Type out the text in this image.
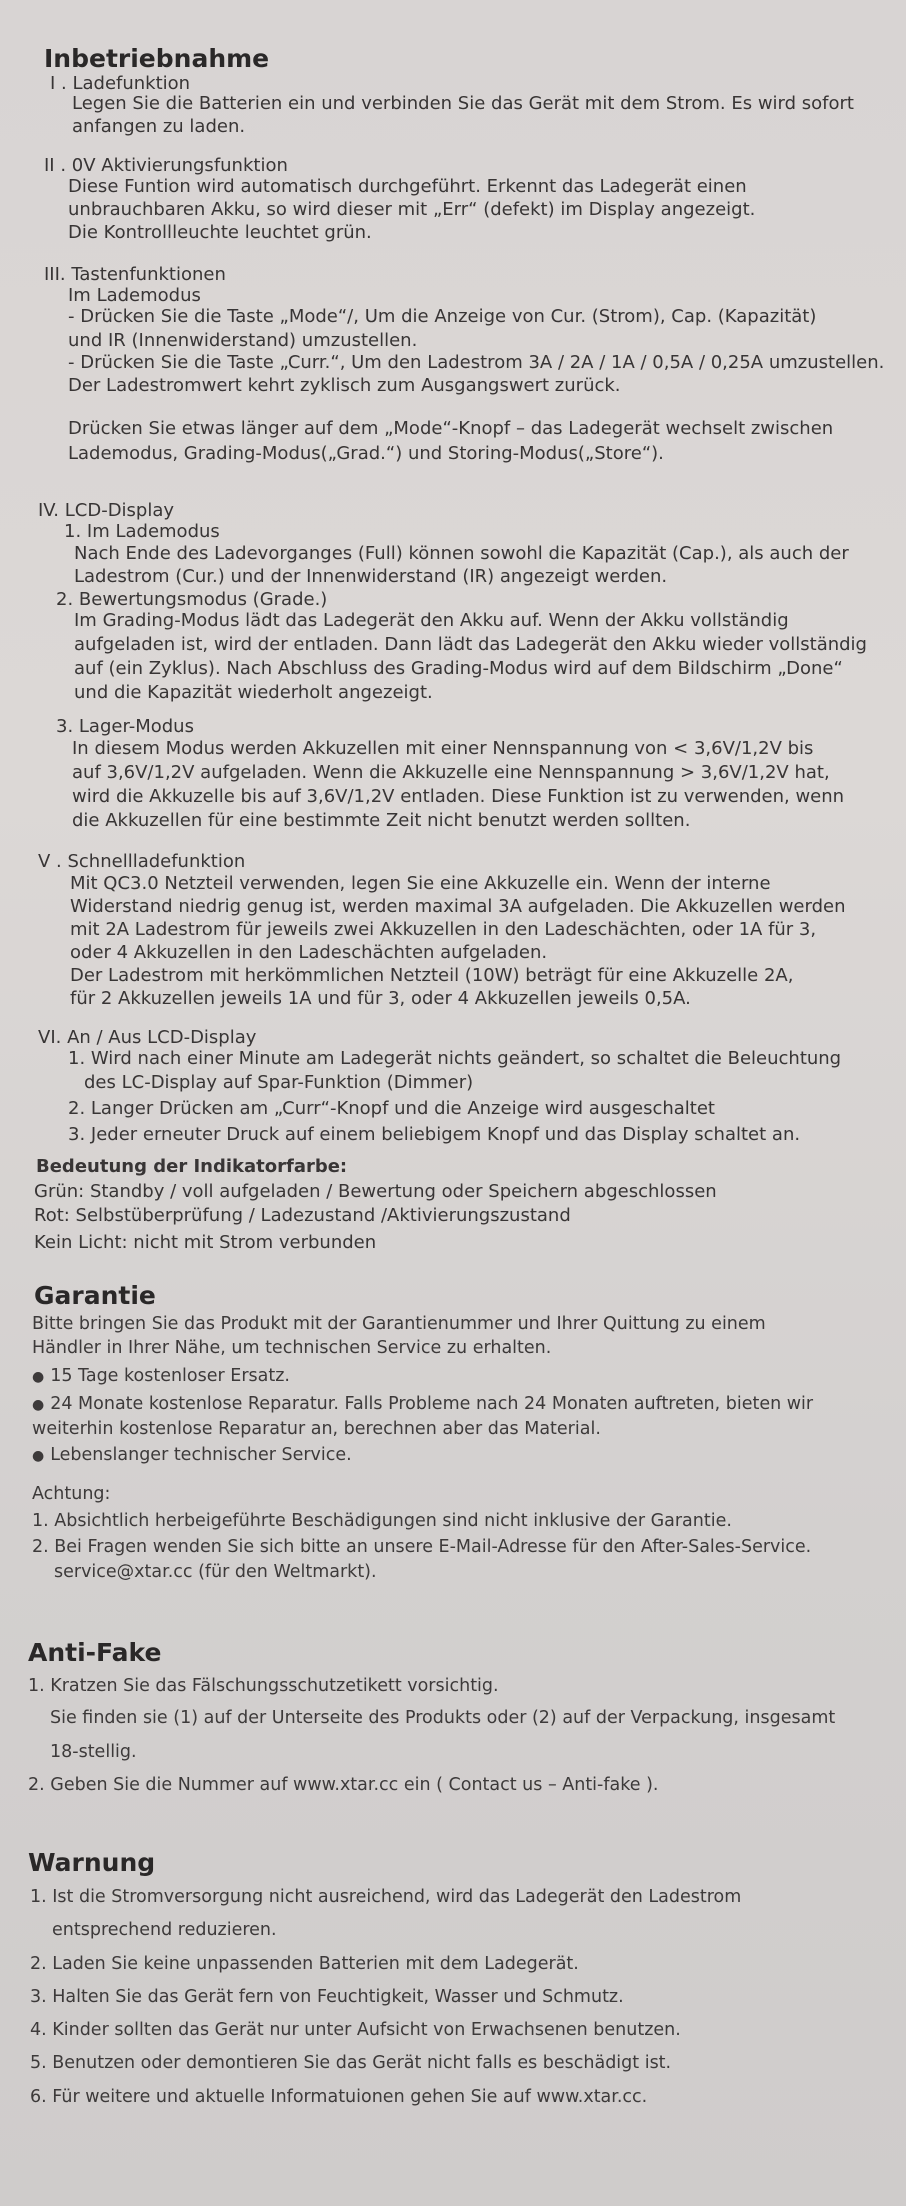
Inbetriebnahme
I . Ladefunktion
Legen Sie die Batterien ein und verbinden Sie das Gerät mit dem Strom. Es wird sofort
anfangen zu laden.
II . 0V Aktivierungsfunktion
Diese Funtion wird automatisch durchgeführt. Erkennt das Ladegerät einen
unbrauchbaren Akku, so wird dieser mit „Err“ (defekt) im Display angezeigt.
Die Kontrollleuchte leuchtet grün.
III. Tastenfunktionen
Im Lademodus
- Drücken Sie die Taste „Mode“/, Um die Anzeige von Cur. (Strom), Cap. (Kapazität)
und IR (Innenwiderstand) umzustellen.
- Drücken Sie die Taste „Curr.“, Um den Ladestrom 3A / 2A / 1A / 0,5A / 0,25A umzustellen.
Der Ladestromwert kehrt zyklisch zum Ausgangswert zurück.
Drücken Sie etwas länger auf dem „Mode“-Knopf – das Ladegerät wechselt zwischen
Lademodus, Grading-Modus(„Grad.“) und Storing-Modus(„Store“).
IV. LCD-Display
1. Im Lademodus
Nach Ende des Ladevorganges (Full) können sowohl die Kapazität (Cap.), als auch der
Ladestrom (Cur.) und der Innenwiderstand (IR) angezeigt werden.
2. Bewertungsmodus (Grade.)
Im Grading-Modus lädt das Ladegerät den Akku auf. Wenn der Akku vollständig
aufgeladen ist, wird der entladen. Dann lädt das Ladegerät den Akku wieder vollständig
auf (ein Zyklus). Nach Abschluss des Grading-Modus wird auf dem Bildschirm „Done“
und die Kapazität wiederholt angezeigt.
3. Lager-Modus
In diesem Modus werden Akkuzellen mit einer Nennspannung von < 3,6V/1,2V bis
auf 3,6V/1,2V aufgeladen. Wenn die Akkuzelle eine Nennspannung > 3,6V/1,2V hat,
wird die Akkuzelle bis auf 3,6V/1,2V entladen. Diese Funktion ist zu verwenden, wenn
die Akkuzellen für eine bestimmte Zeit nicht benutzt werden sollten.
V . Schnellladefunktion
Mit QC3.0 Netzteil verwenden, legen Sie eine Akkuzelle ein. Wenn der interne
Widerstand niedrig genug ist, werden maximal 3A aufgeladen. Die Akkuzellen werden
mit 2A Ladestrom für jeweils zwei Akkuzellen in den Ladeschächten, oder 1A für 3,
oder 4 Akkuzellen in den Ladeschächten aufgeladen.
Der Ladestrom mit herkömmlichen Netzteil (10W) beträgt für eine Akkuzelle 2A,
für 2 Akkuzellen jeweils 1A und für 3, oder 4 Akkuzellen jeweils 0,5A.
VI. An / Aus LCD-Display
1. Wird nach einer Minute am Ladegerät nichts geändert, so schaltet die Beleuchtung
des LC-Display auf Spar-Funktion (Dimmer)
2. Langer Drücken am „Curr“-Knopf und die Anzeige wird ausgeschaltet
3. Jeder erneuter Druck auf einem beliebigem Knopf und das Display schaltet an.
Bedeutung der Indikatorfarbe:
Grün: Standby / voll aufgeladen / Bewertung oder Speichern abgeschlossen
Rot: Selbstüberprüfung / Ladezustand /Aktivierungszustand
Kein Licht: nicht mit Strom verbunden
Garantie
Bitte bringen Sie das Produkt mit der Garantienummer und Ihrer Quittung zu einem
Händler in Ihrer Nähe, um technischen Service zu erhalten.
● 15 Tage kostenloser Ersatz.
● 24 Monate kostenlose Reparatur. Falls Probleme nach 24 Monaten auftreten, bieten wir
weiterhin kostenlose Reparatur an, berechnen aber das Material.
● Lebenslanger technischer Service.
Achtung:
1. Absichtlich herbeigeführte Beschädigungen sind nicht inklusive der Garantie.
2. Bei Fragen wenden Sie sich bitte an unsere E-Mail-Adresse für den After-Sales-Service.
service@xtar.cc (für den Weltmarkt).
Anti-Fake
1. Kratzen Sie das Fälschungsschutzetikett vorsichtig.
Sie finden sie (1) auf der Unterseite des Produkts oder (2) auf der Verpackung, insgesamt
18-stellig.
2. Geben Sie die Nummer auf www.xtar.cc ein ( Contact us – Anti-fake ).
Warnung
1. Ist die Stromversorgung nicht ausreichend, wird das Ladegerät den Ladestrom
entsprechend reduzieren.
2. Laden Sie keine unpassenden Batterien mit dem Ladegerät.
3. Halten Sie das Gerät fern von Feuchtigkeit, Wasser und Schmutz.
4. Kinder sollten das Gerät nur unter Aufsicht von Erwachsenen benutzen.
5. Benutzen oder demontieren Sie das Gerät nicht falls es beschädigt ist.
6. Für weitere und aktuelle Informatuionen gehen Sie auf www.xtar.cc.
